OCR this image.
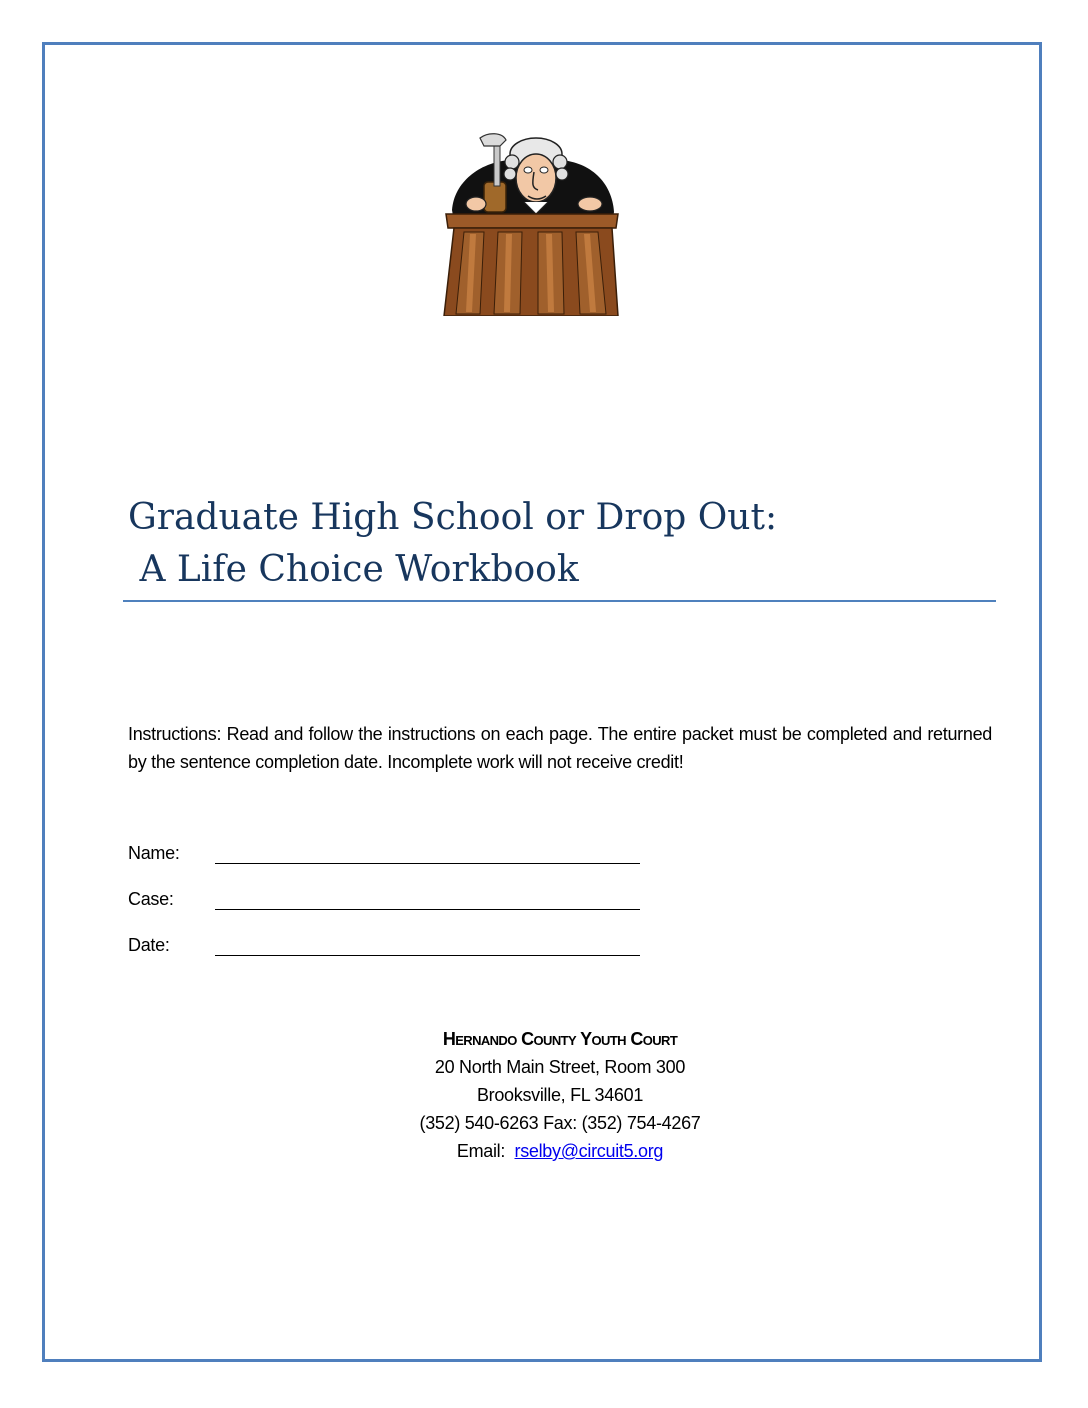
Graduate High School or Drop Out:
A Life Choice Workbook
Instructions: Read and follow the instructions on each page. The entire packet must be completed and returned by the sentence completion date. Incomplete work will not receive credit!
Name:
Case:
Date:
Hernando County Youth Court
20 North Main Street, Room 300
Brooksville, FL 34601
(352) 540-6263 Fax: (352) 754-4267
Email:  rselby@circuit5.org
